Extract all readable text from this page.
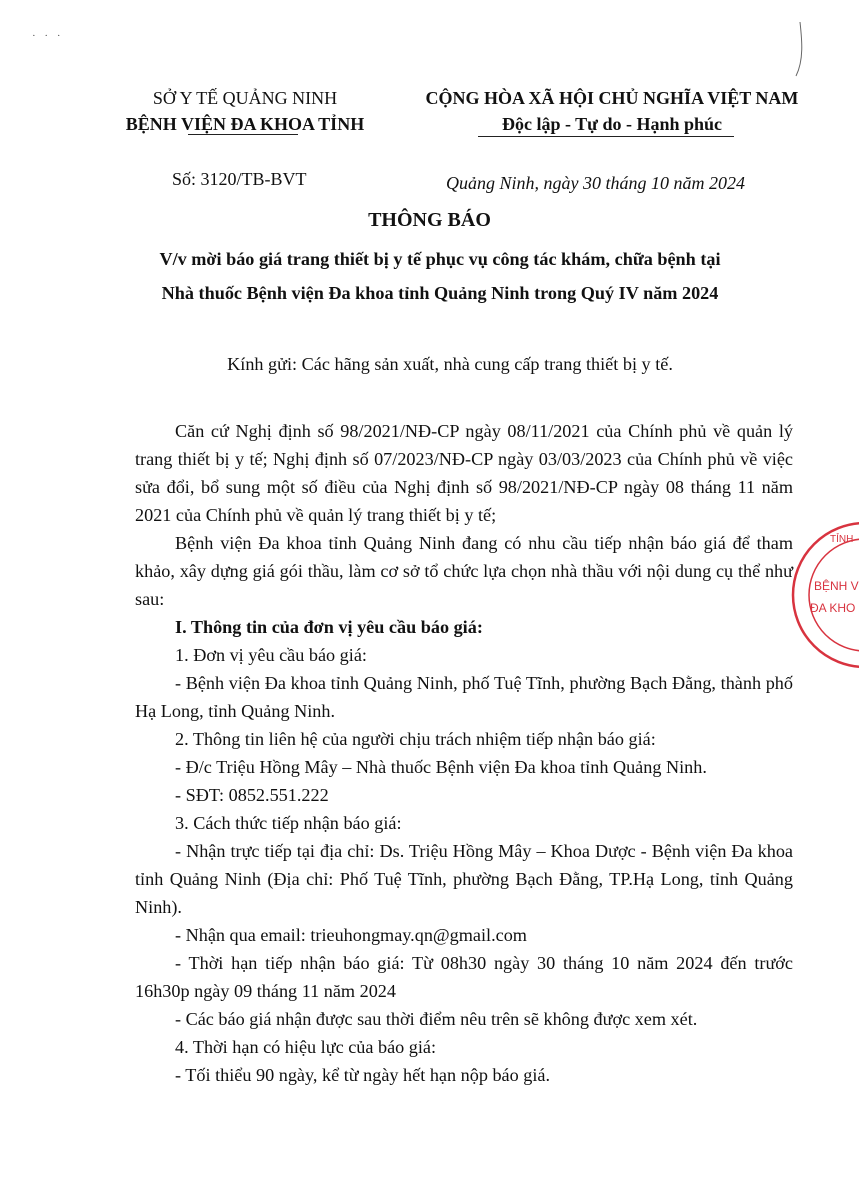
· · ·
SỞ Y TẾ QUẢNG NINH
BỆNH VIỆN ĐA KHOA TỈNH
CỘNG HÒA XÃ HỘI CHỦ NGHĨA VIỆT NAM
Độc lập - Tự do - Hạnh phúc
Số: 3120/TB-BVT	Quảng Ninh, ngày 30 tháng 10 năm 2024
THÔNG BÁO
V/v mời báo giá trang thiết bị y tế phục vụ công tác khám, chữa bệnh tại
Nhà thuốc Bệnh viện Đa khoa tỉnh Quảng Ninh trong Quý IV năm 2024
Kính gửi: Các hãng sản xuất, nhà cung cấp trang thiết bị y tế.
Căn cứ Nghị định số 98/2021/NĐ-CP ngày 08/11/2021 của Chính phủ về quản lý trang thiết bị y tế; Nghị định số 07/2023/NĐ-CP ngày 03/03/2023 của Chính phủ về việc sửa đổi, bổ sung một số điều của Nghị định số 98/2021/NĐ-CP ngày 08 tháng 11 năm 2021 của Chính phủ về quản lý trang thiết bị y tế;
Bệnh viện Đa khoa tỉnh Quảng Ninh đang có nhu cầu tiếp nhận báo giá để tham khảo, xây dựng giá gói thầu, làm cơ sở tổ chức lựa chọn nhà thầu với nội dung cụ thể như sau:
I. Thông tin của đơn vị yêu cầu báo giá:
1. Đơn vị yêu cầu báo giá:
- Bệnh viện Đa khoa tỉnh Quảng Ninh, phố Tuệ Tĩnh, phường Bạch Đằng, thành phố Hạ Long, tỉnh Quảng Ninh.
2. Thông tin liên hệ của người chịu trách nhiệm tiếp nhận báo giá:
- Đ/c Triệu Hồng Mây – Nhà thuốc Bệnh viện Đa khoa tỉnh Quảng Ninh.
- SĐT: 0852.551.222
3. Cách thức tiếp nhận báo giá:
- Nhận trực tiếp tại địa chỉ: Ds. Triệu Hồng Mây – Khoa Dược - Bệnh viện Đa khoa tỉnh Quảng Ninh (Địa chỉ: Phố Tuệ Tĩnh, phường Bạch Đằng, TP.Hạ Long, tỉnh Quảng Ninh).
- Nhận qua email: trieuhongmay.qn@gmail.com
- Thời hạn tiếp nhận báo giá: Từ 08h30 ngày 30 tháng 10 năm 2024 đến trước 16h30p ngày 09 tháng 11 năm 2024
- Các báo giá nhận được sau thời điểm nêu trên sẽ không được xem xét.
4. Thời hạn có hiệu lực của báo giá:
- Tối thiểu 90 ngày, kể từ ngày hết hạn nộp báo giá.
TỈNH
BỆNH V
ĐA KHO
